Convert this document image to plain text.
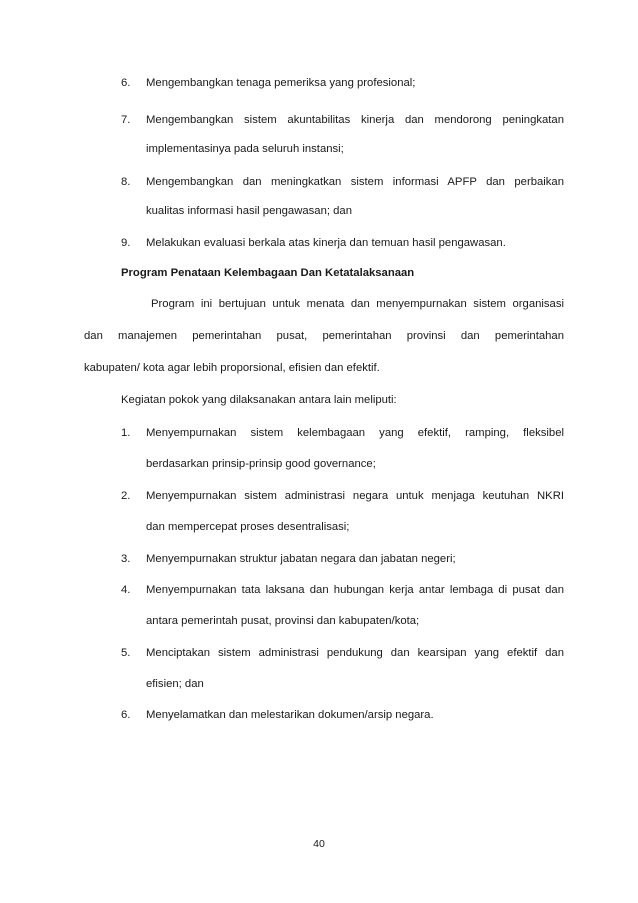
6. Mengembangkan tenaga pemeriksa yang profesional;
7. Mengembangkan sistem akuntabilitas kinerja dan mendorong peningkatan
implementasinya pada seluruh instansi;
8. Mengembangkan dan meningkatkan sistem informasi APFP dan perbaikan
kualitas informasi hasil pengawasan; dan
9. Melakukan evaluasi berkala atas kinerja dan temuan hasil pengawasan.
Program Penataan Kelembagaan Dan Ketatalaksanaan
Program ini bertujuan untuk menata dan menyempurnakan sistem organisasi
dan manajemen pemerintahan pusat, pemerintahan provinsi dan pemerintahan
kabupaten/ kota agar lebih proporsional, efisien dan efektif.
Kegiatan pokok yang dilaksanakan antara lain meliputi:
1. Menyempurnakan sistem kelembagaan yang efektif, ramping, fleksibel
berdasarkan prinsip-prinsip good governance;
2. Menyempurnakan sistem administrasi negara untuk menjaga keutuhan NKRI
dan mempercepat proses desentralisasi;
3. Menyempurnakan struktur jabatan negara dan jabatan negeri;
4. Menyempurnakan tata laksana dan hubungan kerja antar lembaga di pusat dan
antara pemerintah pusat, provinsi dan kabupaten/kota;
5. Menciptakan sistem administrasi pendukung dan kearsipan yang efektif dan
efisien; dan
6. Menyelamatkan dan melestarikan dokumen/arsip negara.
40
